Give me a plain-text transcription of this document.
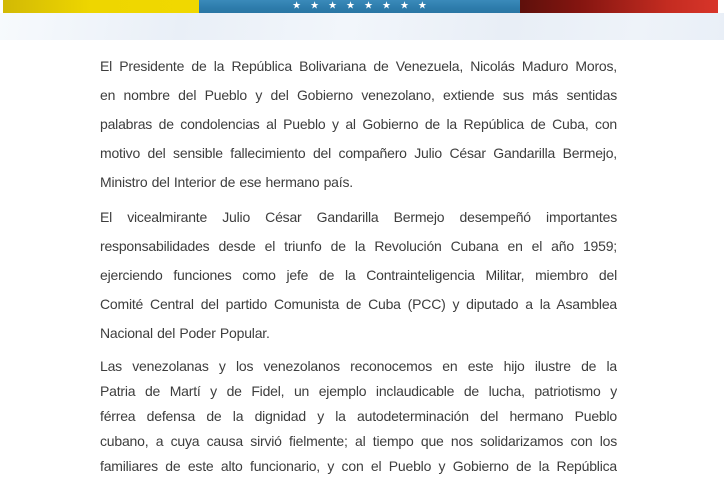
★ ★ ★ ★ ★ ★ ★ ★

El Presidente de la República Bolivariana de Venezuela, Nicolás Maduro Moros,
en nombre del Pueblo y del Gobierno venezolano, extiende sus más sentidas
palabras de condolencias al Pueblo y al Gobierno de la República de Cuba, con
motivo del sensible fallecimiento del compañero Julio César Gandarilla Bermejo,
Ministro del Interior de ese hermano país.

El vicealmirante Julio César Gandarilla Bermejo desempeñó importantes
responsabilidades desde el triunfo de la Revolución Cubana en el año 1959;
ejerciendo funciones como jefe de la Contrainteligencia Militar, miembro del
Comité Central del partido Comunista de Cuba (PCC) y diputado a la Asamblea
Nacional del Poder Popular.

Las venezolanas y los venezolanos reconocemos en este hijo ilustre de la
Patria de Martí y de Fidel, un ejemplo inclaudicable de lucha, patriotismo y
férrea defensa de la dignidad y la autodeterminación del hermano Pueblo
cubano, a cuya causa sirvió fielmente; al tiempo que nos solidarizamos con los
familiares de este alto funcionario, y con el Pueblo y Gobierno de la República
